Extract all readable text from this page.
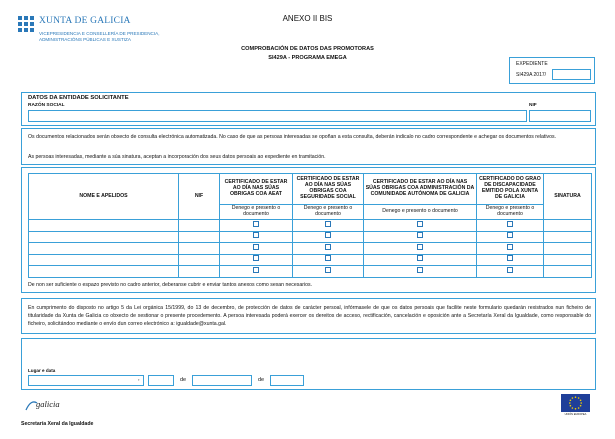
XUNTA DE GALICIA
VICEPRESIDENCIA E CONSELLERÍA DE PRESIDENCIA,
ADMINISTRACIÓNS PÚBLICAS E XUSTIZA
ANEXO II BIS
COMPROBACIÓN DE DATOS DAS PROMOTORAS
SI429A - PROGRAMA EMEGA
EXPEDIENTE
SI429A 2017/
DATOS DA ENTIDADE SOLICITANTE
RAZÓN SOCIAL	NIF
Os documentos relacionados serán obxecto de consulta electrónica automatizada. No caso de que as persoas interesadas se opoñan a esta consulta, deberán indicalo no cadro correspondente e achegar os documentos relativos.
As persoas interesadas, mediante a súa sinatura, aceptan a incorporación dos seus datos persoais ao expediente en tramitación.
NOME E APELIDOS	NIF	CERTIFICADO DE ESTAR AO DÍA NAS SÚAS OBRIGAS COA AEAT	CERTIFICADO DE ESTAR AO DÍA NAS SÚAS OBRIGAS COA SEGURIDADE SOCIAL	CERTIFICADO DE ESTAR AO DÍA NAS SÚAS OBRIGAS COA ADMINISTRACIÓN DA COMUNIDADE AUTÓNOMA DE GALICIA	CERTIFICADO DO GRAO DE DISCAPACIDADE EMITIDO POLA XUNTA DE GALICIA	SINATURA
		Denego e presento o documento	Denego e presento o documento	Denego e presento o documento	Denego e presento o documento	

De non ser suficiente o espazo previsto no cadro anterior, deberanse cubrir e enviar tantos anexos como sexan necesarios.
En cumprimento do disposto no artigo 5 da Lei orgánica 15/1999, do 13 de decembro, de protección de datos de carácter persoal, infórmasele de que os datos persoais que facilite neste formulario quedarán rexistrados nun ficheiro de titularidade da Xunta de Galicia co obxecto de xestionar o presente procedemento. A persoa interesada poderá exercer os dereitos de acceso, rectificación, cancelación e oposición ante a Secretaría Xeral da Igualdade, como responsable do ficheiro, solicitándoo mediante o envío dun correo electrónico a: igualdade@xunta.gal.
Lugar e data
,	de	de
galicia
UNIÓN EUROPEA
Secretaría Xeral da Igualdade
